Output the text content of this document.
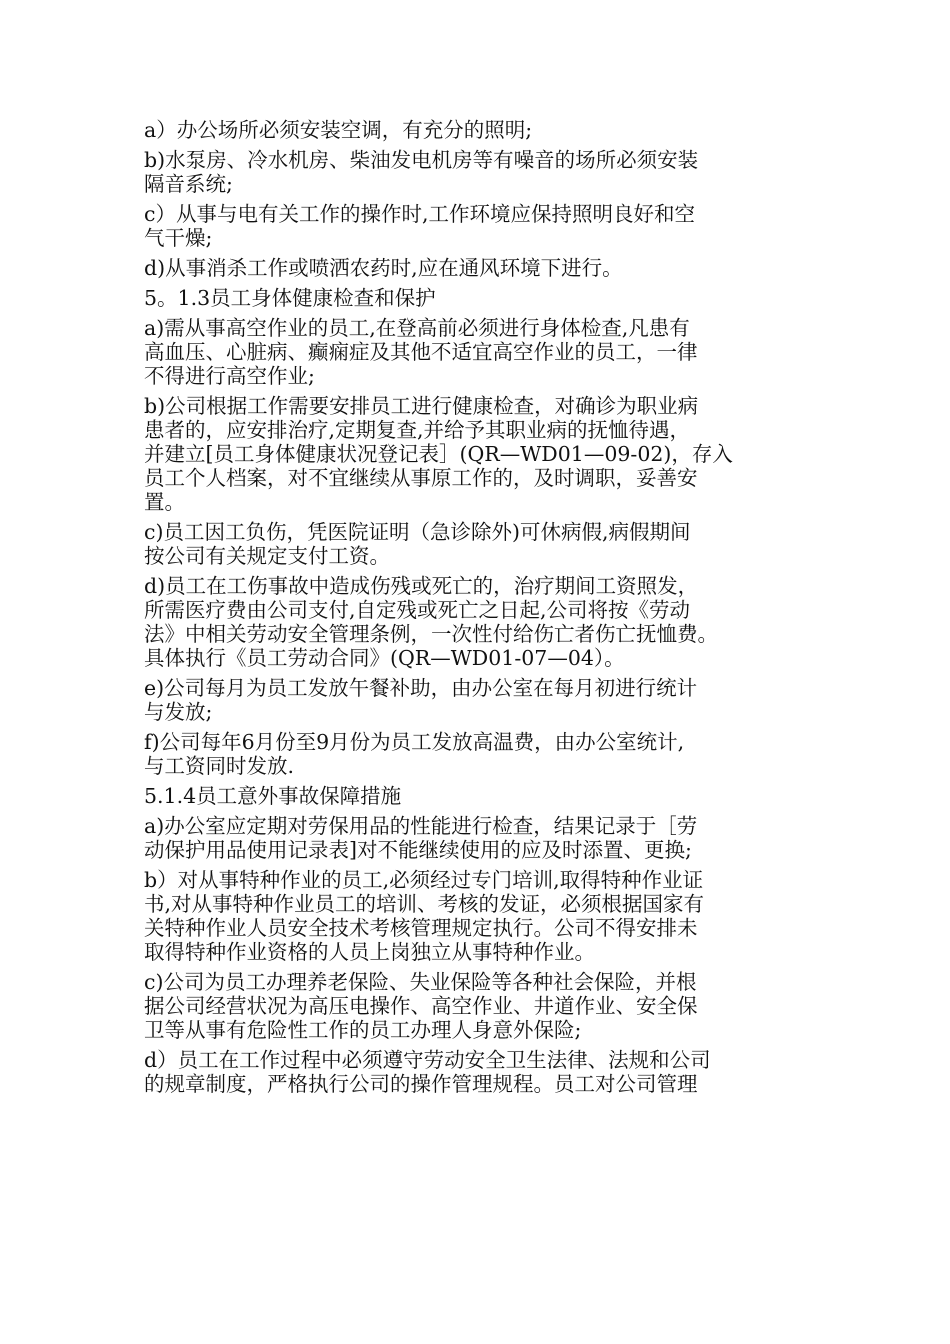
a）办公场所必须安装空调，有充分的照明;

b)水泵房、冷水机房、柴油发电机房等有噪音的场所必须安装
隔音系统;

c）从事与电有关工作的操作时,工作环境应保持照明良好和空
气干燥;

d)从事消杀工作或喷洒农药时,应在通风环境下进行。

5。1.3员工身体健康检查和保护

a)需从事高空作业的员工,在登高前必须进行身体检查,凡患有
高血压、心脏病、癫痫症及其他不适宜高空作业的员工，一律
不得进行高空作业;

b)公司根据工作需要安排员工进行健康检查，对确诊为职业病
患者的，应安排治疗,定期复查,并给予其职业病的抚恤待遇，
并建立[员工身体健康状况登记表］(QR—WD01—09-02)，存入
员工个人档案，对不宜继续从事原工作的，及时调职，妥善安
置。

c)员工因工负伤，凭医院证明（急诊除外)可休病假,病假期间
按公司有关规定支付工资。

d)员工在工伤事故中造成伤残或死亡的，治疗期间工资照发，
所需医疗费由公司支付,自定残或死亡之日起,公司将按《劳动
法》中相关劳动安全管理条例，一次性付给伤亡者伤亡抚恤费。
具体执行《员工劳动合同》(QR—WD01-07—04）。

e)公司每月为员工发放午餐补助，由办公室在每月初进行统计
与发放;

f)公司每年6月份至9月份为员工发放高温费，由办公室统计,
与工资同时发放.

5.1.4员工意外事故保障措施

a)办公室应定期对劳保用品的性能进行检查，结果记录于［劳
动保护用品使用记录表]对不能继续使用的应及时添置、更换;

b）对从事特种作业的员工,必须经过专门培训,取得特种作业证
书,对从事特种作业员工的培训、考核的发证，必须根据国家有
关特种作业人员安全技术考核管理规定执行。公司不得安排未
取得特种作业资格的人员上岗独立从事特种作业。

c)公司为员工办理养老保险、失业保险等各种社会保险，并根
据公司经营状况为高压电操作、高空作业、井道作业、安全保
卫等从事有危险性工作的员工办理人身意外保险;

d）员工在工作过程中必须遵守劳动安全卫生法律、法规和公司
的规章制度，严格执行公司的操作管理规程。员工对公司管理
